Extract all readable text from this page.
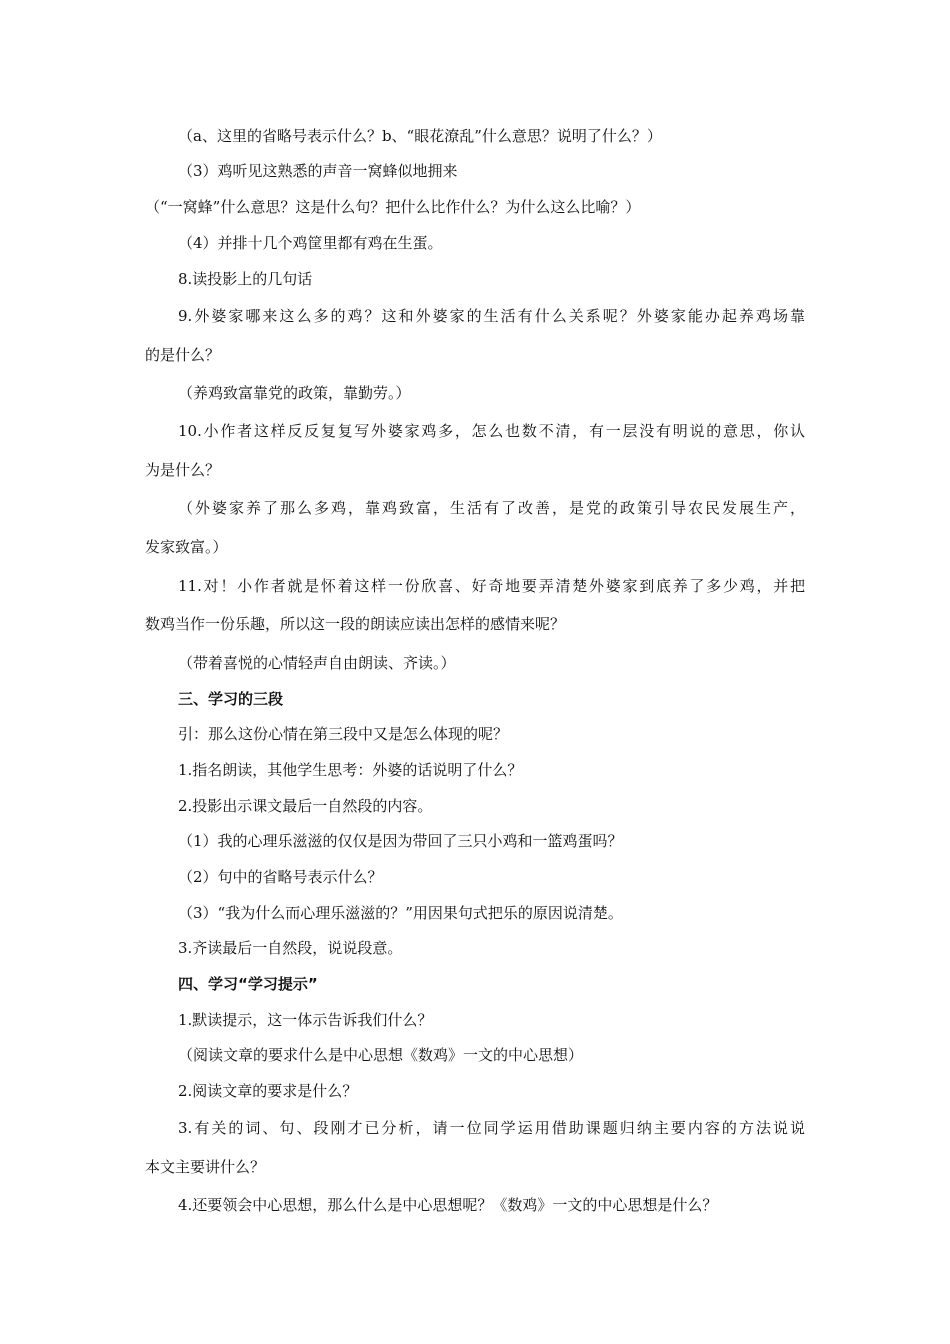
（a、这里的省略号表示什么？b、“眼花潦乱”什么意思？说明了什么？）
（3）鸡听见这熟悉的声音一窝蜂似地拥来
（“一窝蜂”什么意思？这是什么句？把什么比作什么？为什么这么比喻？）
（4）并排十几个鸡筐里都有鸡在生蛋。
8.读投影上的几句话
9.外婆家哪来这么多的鸡？这和外婆家的生活有什么关系呢？外婆家能办起养鸡场靠
的是什么？
（养鸡致富靠党的政策，靠勤劳。）
10.小作者这样反反复复写外婆家鸡多，怎么也数不清，有一层没有明说的意思，你认
为是什么？
（外婆家养了那么多鸡，靠鸡致富，生活有了改善，是党的政策引导农民发展生产，
发家致富。）
11.对！小作者就是怀着这样一份欣喜、好奇地要弄清楚外婆家到底养了多少鸡，并把
数鸡当作一份乐趣，所以这一段的朗读应读出怎样的感情来呢？
（带着喜悦的心情轻声自由朗读、齐读。）
三、学习的三段
引：那么这份心情在第三段中又是怎么体现的呢？
1.指名朗读，其他学生思考：外婆的话说明了什么？
2.投影出示课文最后一自然段的内容。
（1）我的心理乐滋滋的仅仅是因为带回了三只小鸡和一篮鸡蛋吗？
（2）句中的省略号表示什么？
（3）“我为什么而心理乐滋滋的？”用因果句式把乐的原因说清楚。
3.齐读最后一自然段，说说段意。
四、学习“学习提示”
1.默读提示，这一体示告诉我们什么？
（阅读文章的要求什么是中心思想《数鸡》一文的中心思想）
2.阅读文章的要求是什么？
3.有关的词、句、段刚才已分析，请一位同学运用借助课题归纳主要内容的方法说说
本文主要讲什么？
4.还要领会中心思想，那么什么是中心思想呢？《数鸡》一文的中心思想是什么？
